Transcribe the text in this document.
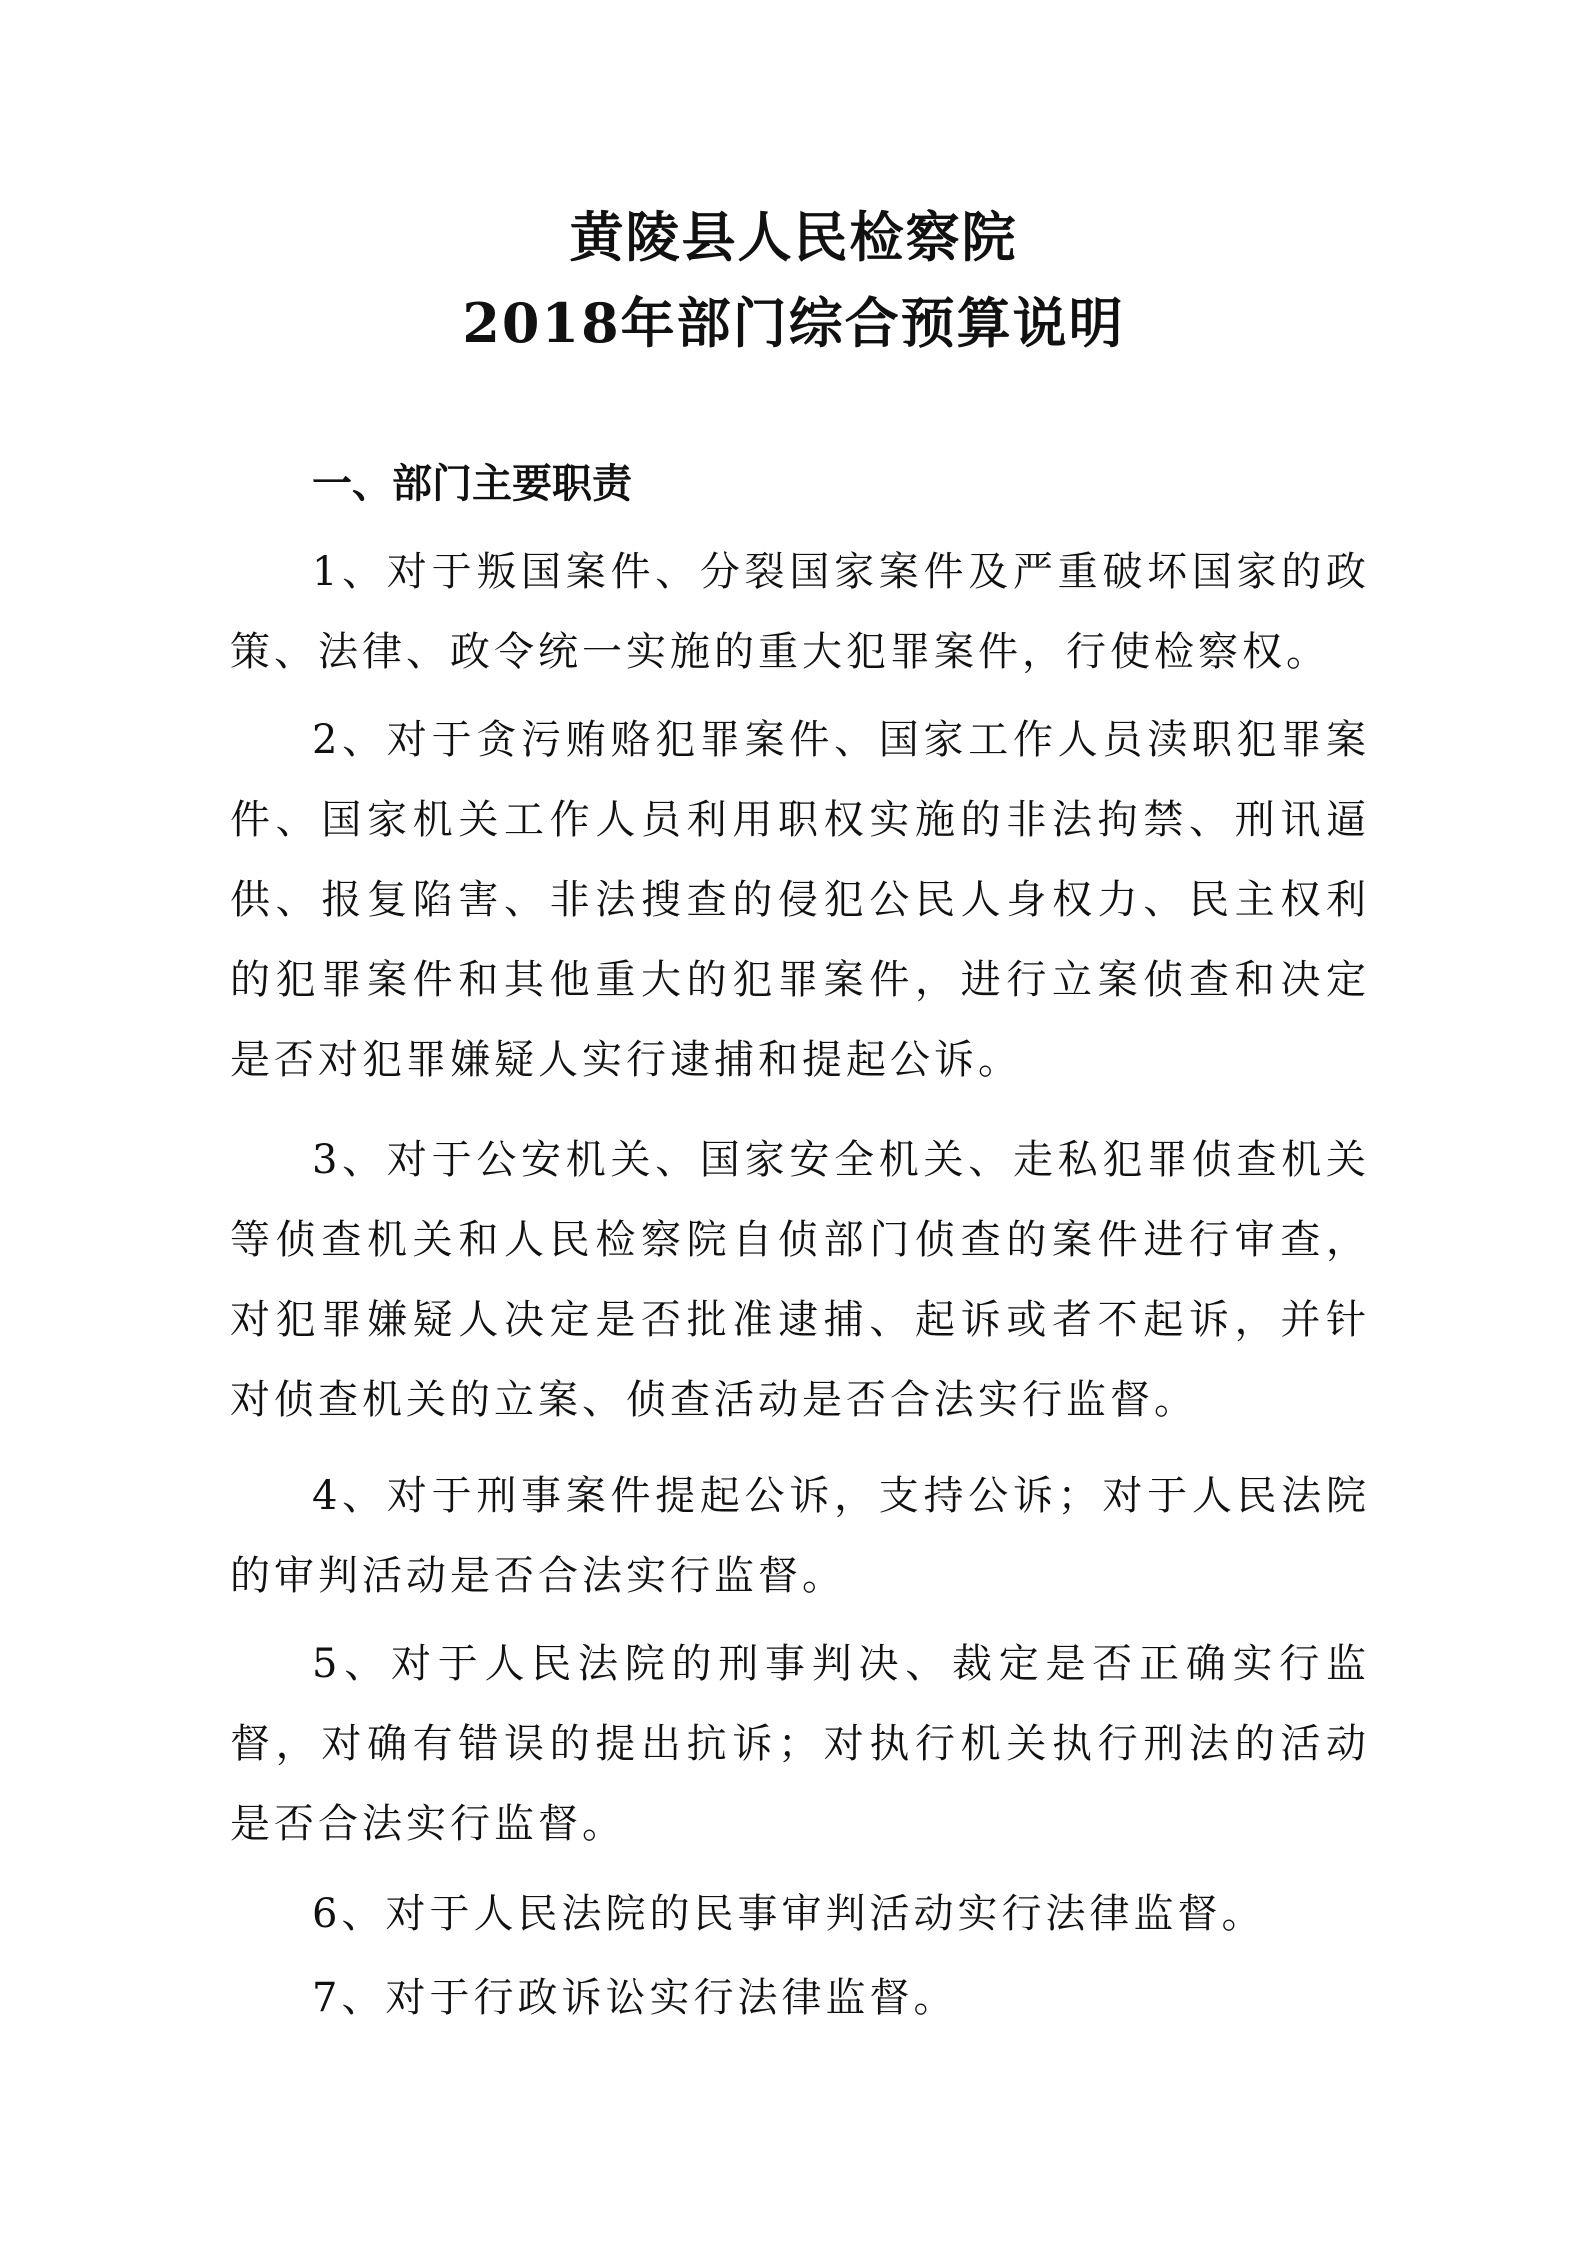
黄陵县人民检察院
2018年部门综合预算说明
一、部门主要职责

1、对于叛国案件、分裂国家案件及严重破坏国家的政策、法律、政令统一实施的重大犯罪案件，行使检察权。

2、对于贪污贿赂犯罪案件、国家工作人员渎职犯罪案件、国家机关工作人员利用职权实施的非法拘禁、刑讯逼供、报复陷害、非法搜查的侵犯公民人身权力、民主权利的犯罪案件和其他重大的犯罪案件，进行立案侦查和决定是否对犯罪嫌疑人实行逮捕和提起公诉。

3、对于公安机关、国家安全机关、走私犯罪侦查机关等侦查机关和人民检察院自侦部门侦查的案件进行审查，对犯罪嫌疑人决定是否批准逮捕、起诉或者不起诉，并针对侦查机关的立案、侦查活动是否合法实行监督。

4、对于刑事案件提起公诉，支持公诉；对于人民法院的审判活动是否合法实行监督。

5、对于人民法院的刑事判决、裁定是否正确实行监督，对确有错误的提出抗诉；对执行机关执行刑法的活动是否合法实行监督。

6、对于人民法院的民事审判活动实行法律监督。

7、对于行政诉讼实行法律监督。
